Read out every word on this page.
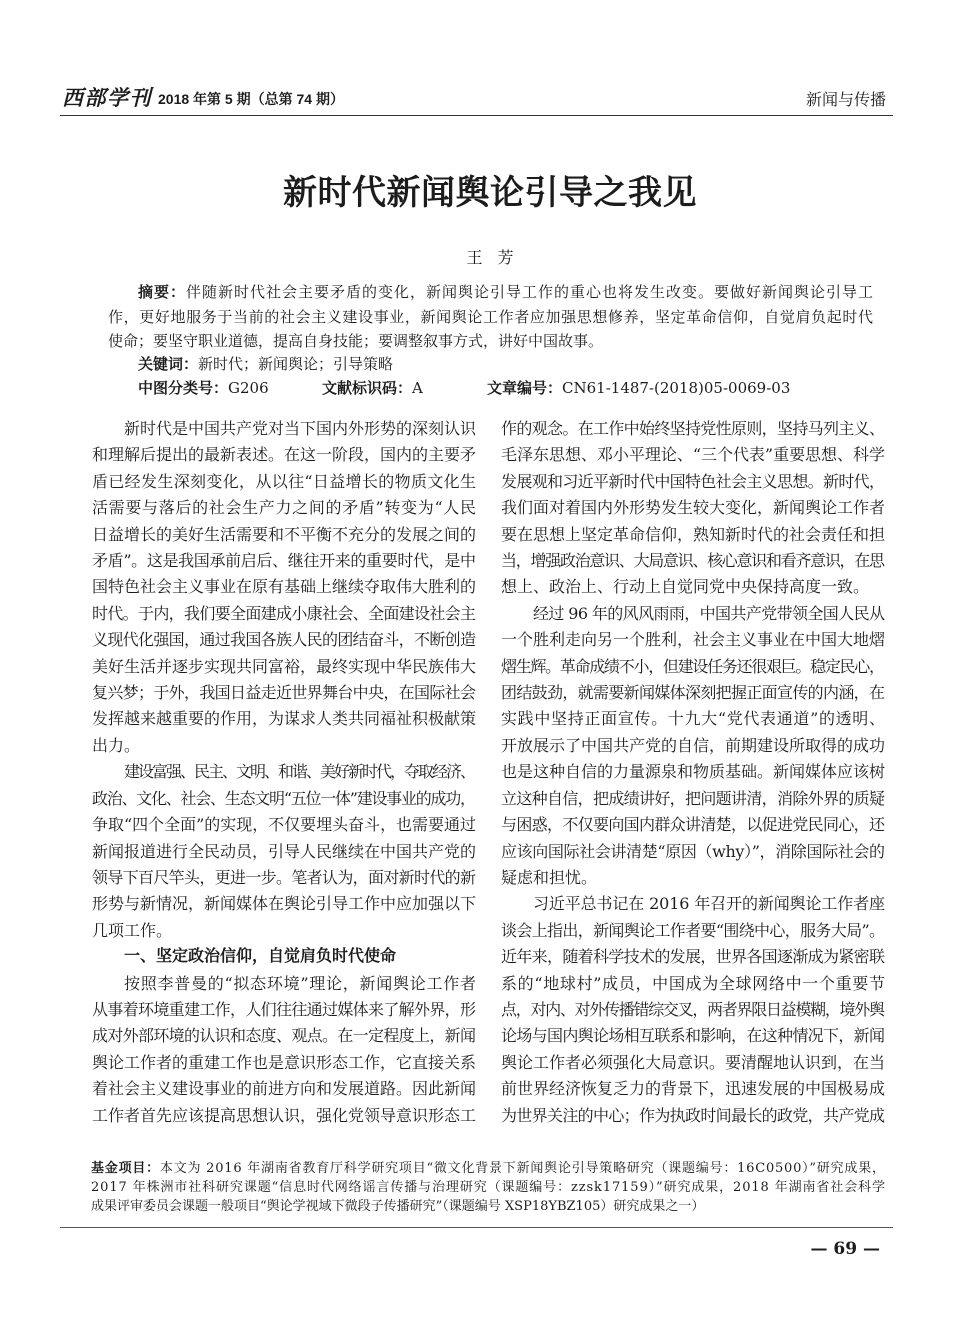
西部学刊 2018 年第 5 期（总第 74 期）	新闻与传播
新时代新闻舆论引导之我见
王 芳
摘要：伴随新时代社会主要矛盾的变化，新闻舆论引导工作的重心也将发生改变。要做好新闻舆论引导工
作，更好地服务于当前的社会主义建设事业，新闻舆论工作者应加强思想修养，坚定革命信仰，自觉肩负起时代
使命；要坚守职业道德，提高自身技能；要调整叙事方式，讲好中国故事。
关键词：新时代；新闻舆论；引导策略
中图分类号：G206	文献标识码：A	文章编号：CN61-1487-(2018)05-0069-03
新时代是中国共产党对当下国内外形势的深刻认识
和理解后提出的最新表述。在这一阶段，国内的主要矛
盾已经发生深刻变化，从以往“日益增长的物质文化生
活需要与落后的社会生产力之间的矛盾”转变为“人民
日益增长的美好生活需要和不平衡不充分的发展之间的
矛盾”。这是我国承前启后、继往开来的重要时代，是中
国特色社会主义事业在原有基础上继续夺取伟大胜利的
时代。于内，我们要全面建成小康社会、全面建设社会主
义现代化强国，通过我国各族人民的团结奋斗，不断创造
美好生活并逐步实现共同富裕，最终实现中华民族伟大
复兴梦；于外，我国日益走近世界舞台中央，在国际社会
发挥越来越重要的作用，为谋求人类共同福祉积极献策
出力。
建设富强、民主、文明、和谐、美好新时代，夺取经济、
政治、文化、社会、生态文明“五位一体”建设事业的成功，
争取“四个全面”的实现，不仅要埋头奋斗，也需要通过
新闻报道进行全民动员，引导人民继续在中国共产党的
领导下百尺竿头，更进一步。笔者认为，面对新时代的新
形势与新情况，新闻媒体在舆论引导工作中应加强以下
几项工作。
一、坚定政治信仰，自觉肩负时代使命
按照李普曼的“拟态环境”理论，新闻舆论工作者
从事着环境重建工作，人们往往通过媒体来了解外界，形
成对外部环境的认识和态度、观点。在一定程度上，新闻
舆论工作者的重建工作也是意识形态工作，它直接关系
着社会主义建设事业的前进方向和发展道路。因此新闻
工作者首先应该提高思想认识，强化党领导意识形态工
作的观念。在工作中始终坚持党性原则，坚持马列主义、
毛泽东思想、邓小平理论、“三个代表”重要思想、科学
发展观和习近平新时代中国特色社会主义思想。新时代，
我们面对着国内外形势发生较大变化，新闻舆论工作者
要在思想上坚定革命信仰，熟知新时代的社会责任和担
当，增强政治意识、大局意识、核心意识和看齐意识，在思
想上、政治上、行动上自觉同党中央保持高度一致。
经过 96 年的风风雨雨，中国共产党带领全国人民从
一个胜利走向另一个胜利，社会主义事业在中国大地熠
熠生辉。革命成绩不小，但建设任务还很艰巨。稳定民心，
团结鼓劲，就需要新闻媒体深刻把握正面宣传的内涵，在
实践中坚持正面宣传。十九大“党代表通道”的透明、
开放展示了中国共产党的自信，前期建设所取得的成功
也是这种自信的力量源泉和物质基础。新闻媒体应该树
立这种自信，把成绩讲好，把问题讲清，消除外界的质疑
与困惑，不仅要向国内群众讲清楚，以促进党民同心，还
应该向国际社会讲清楚“原因（why）”，消除国际社会的
疑虑和担忧。
习近平总书记在 2016 年召开的新闻舆论工作者座
谈会上指出，新闻舆论工作者要“围绕中心，服务大局”。
近年来，随着科学技术的发展，世界各国逐渐成为紧密联
系的“地球村”成员，中国成为全球网络中一个重要节
点，对内、对外传播错综交叉，两者界限日益模糊，境外舆
论场与国内舆论场相互联系和影响，在这种情况下，新闻
舆论工作者必须强化大局意识。要清醒地认识到，在当
前世界经济恢复乏力的背景下，迅速发展的中国极易成
为世界关注的中心；作为执政时间最长的政党，共产党成
基金项目：本文为 2016 年湖南省教育厅科学研究项目“微文化背景下新闻舆论引导策略研究（课题编号：16C0500）”研究成果，
2017 年株洲市社科研究课题“信息时代网络谣言传播与治理研究（课题编号：zzsk17159）”研究成果，2018 年湖南省社会科学
成果评审委员会课题一般项目“舆论学视域下微段子传播研究”（课题编号 XSP18YBZ105）研究成果之一）
— 69 —
